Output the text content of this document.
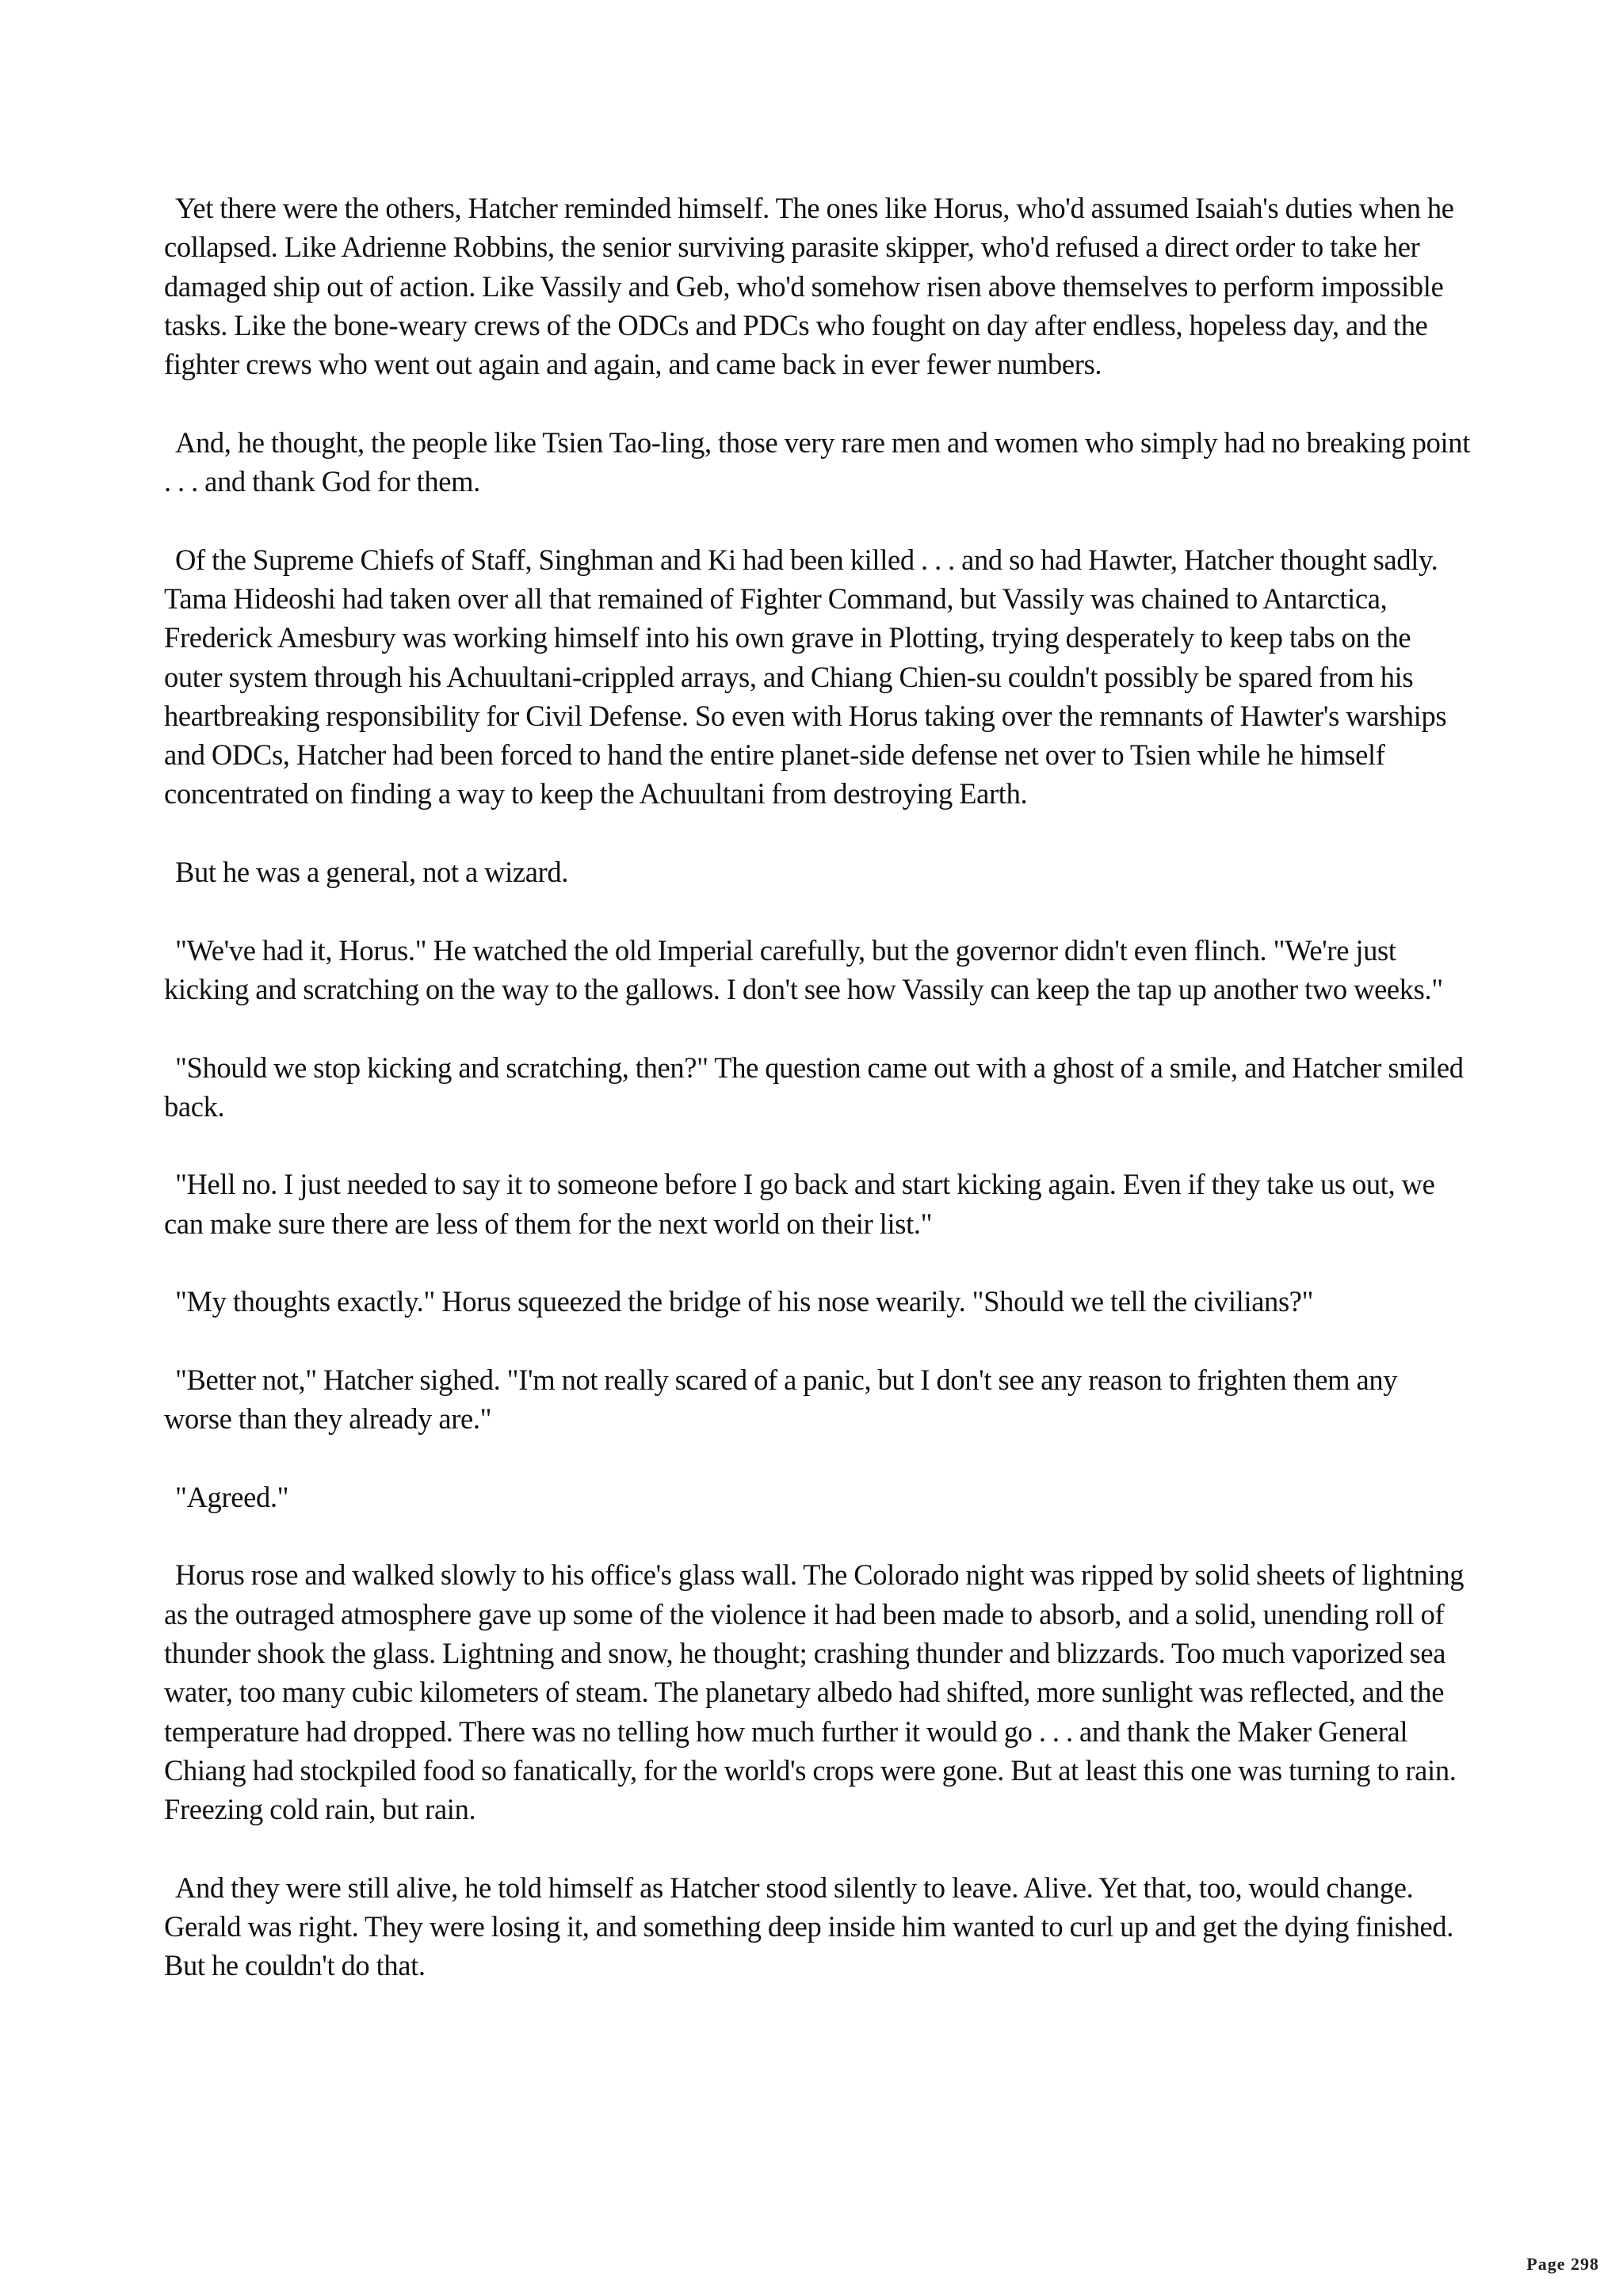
Yet there were the others, Hatcher reminded himself. The ones like Horus, who'd assumed Isaiah's duties when he collapsed. Like Adrienne Robbins, the senior surviving parasite skipper, who'd refused a direct order to take her damaged ship out of action. Like Vassily and Geb, who'd somehow risen above themselves to perform impossible tasks. Like the bone-weary crews of the ODCs and PDCs who fought on day after endless, hopeless day, and the fighter crews who went out again and again, and came back in ever fewer numbers.

And, he thought, the people like Tsien Tao-ling, those very rare men and women who simply had no breaking point . . . and thank God for them.

Of the Supreme Chiefs of Staff, Singhman and Ki had been killed . . . and so had Hawter, Hatcher thought sadly. Tama Hideoshi had taken over all that remained of Fighter Command, but Vassily was chained to Antarctica, Frederick Amesbury was working himself into his own grave in Plotting, trying desperately to keep tabs on the outer system through his Achuultani-crippled arrays, and Chiang Chien-su couldn't possibly be spared from his heartbreaking responsibility for Civil Defense. So even with Horus taking over the remnants of Hawter's warships and ODCs, Hatcher had been forced to hand the entire planet-side defense net over to Tsien while he himself concentrated on finding a way to keep the Achuultani from destroying Earth.

But he was a general, not a wizard.

"We've had it, Horus." He watched the old Imperial carefully, but the governor didn't even flinch. "We're just kicking and scratching on the way to the gallows. I don't see how Vassily can keep the tap up another two weeks."

"Should we stop kicking and scratching, then?" The question came out with a ghost of a smile, and Hatcher smiled back.

"Hell no. I just needed to say it to someone before I go back and start kicking again. Even if they take us out, we can make sure there are less of them for the next world on their list."

"My thoughts exactly." Horus squeezed the bridge of his nose wearily. "Should we tell the civilians?"

"Better not," Hatcher sighed. "I'm not really scared of a panic, but I don't see any reason to frighten them any worse than they already are."

"Agreed."

Horus rose and walked slowly to his office's glass wall. The Colorado night was ripped by solid sheets of lightning as the outraged atmosphere gave up some of the violence it had been made to absorb, and a solid, unending roll of thunder shook the glass. Lightning and snow, he thought; crashing thunder and blizzards. Too much vaporized sea water, too many cubic kilometers of steam. The planetary albedo had shifted, more sunlight was reflected, and the temperature had dropped. There was no telling how much further it would go . . . and thank the Maker General Chiang had stockpiled food so fanatically, for the world's crops were gone. But at least this one was turning to rain. Freezing cold rain, but rain.

And they were still alive, he told himself as Hatcher stood silently to leave. Alive. Yet that, too, would change. Gerald was right. They were losing it, and something deep inside him wanted to curl up and get the dying finished. But he couldn't do that.

Page 298
